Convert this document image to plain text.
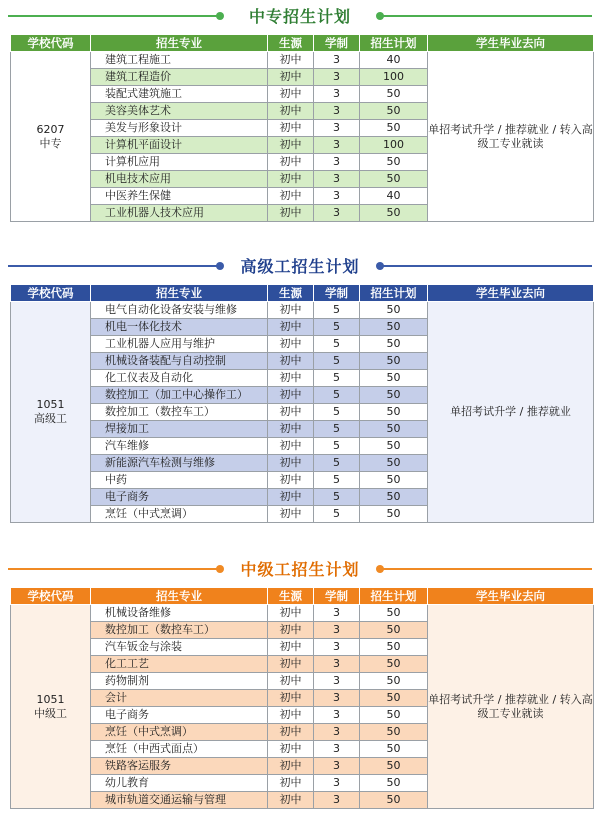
中专招生计划
学校代码	招生专业	生源	学制	招生计划	学生毕业去向

6207
中专	建筑工程施工	初中	3	40	单招考试升学 / 推荐就业 / 转入高级工专业就读
	建筑工程造价	初中	3	100	
	装配式建筑施工	初中	3	50	
	美容美体艺术	初中	3	50	
	美发与形象设计	初中	3	50	
	计算机平面设计	初中	3	100	
	计算机应用	初中	3	50	
	机电技术应用	初中	3	50	
	中医养生保健	初中	3	40	
	工业机器人技术应用	初中	3	50	
高级工招生计划
学校代码	招生专业	生源	学制	招生计划	学生毕业去向

1051
高级工	电气自动化设备安装与维修	初中	5	50	单招考试升学 / 推荐就业
	机电一体化技术	初中	5	50	
	工业机器人应用与维护	初中	5	50	
	机械设备装配与自动控制	初中	5	50	
	化工仪表及自动化	初中	5	50	
	数控加工（加工中心操作工）	初中	5	50	
	数控加工（数控车工）	初中	5	50	
	焊接加工	初中	5	50	
	汽车维修	初中	5	50	
	新能源汽车检测与维修	初中	5	50	
	中药	初中	5	50	
	电子商务	初中	5	50	
	烹饪（中式烹调）	初中	5	50	
中级工招生计划
学校代码	招生专业	生源	学制	招生计划	学生毕业去向

1051
中级工	机械设备维修	初中	3	50	单招考试升学 / 推荐就业 / 转入高级工专业就读
	数控加工（数控车工）	初中	3	50	
	汽车钣金与涂装	初中	3	50	
	化工工艺	初中	3	50	
	药物制剂	初中	3	50	
	会计	初中	3	50	
	电子商务	初中	3	50	
	烹饪（中式烹调）	初中	3	50	
	烹饪（中西式面点）	初中	3	50	
	铁路客运服务	初中	3	50	
	幼儿教育	初中	3	50	
	城市轨道交通运输与管理	初中	3	50	
